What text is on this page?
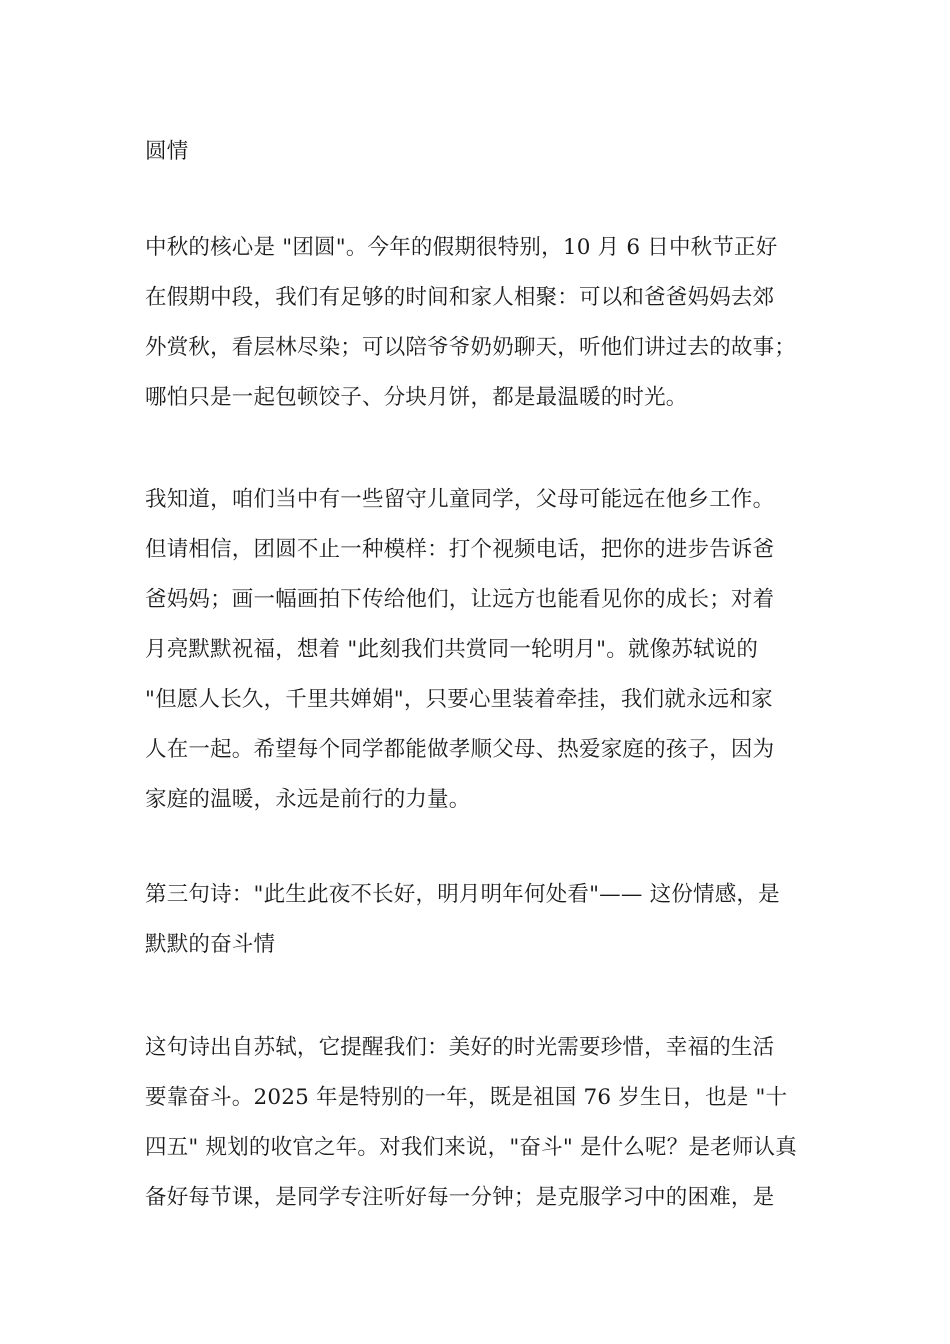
圆情
中秋的核心是 "团圆"。今年的假期很特别，10 月 6 日中秋节正好
在假期中段，我们有足够的时间和家人相聚：可以和爸爸妈妈去郊
外赏秋，看层林尽染；可以陪爷爷奶奶聊天，听他们讲过去的故事；
哪怕只是一起包顿饺子、分块月饼，都是最温暖的时光。
我知道，咱们当中有一些留守儿童同学，父母可能远在他乡工作。
但请相信，团圆不止一种模样：打个视频电话，把你的进步告诉爸
爸妈妈；画一幅画拍下传给他们，让远方也能看见你的成长；对着
月亮默默祝福，想着 "此刻我们共赏同一轮明月"。就像苏轼说的
"但愿人长久，千里共婵娟"，只要心里装着牵挂，我们就永远和家
人在一起。希望每个同学都能做孝顺父母、热爱家庭的孩子，因为
家庭的温暖，永远是前行的力量。
第三句诗："此生此夜不长好，明月明年何处看"—— 这份情感，是
默默的奋斗情
这句诗出自苏轼，它提醒我们：美好的时光需要珍惜，幸福的生活
要靠奋斗。2025 年是特别的一年，既是祖国 76 岁生日，也是 "十
四五" 规划的收官之年。对我们来说，"奋斗" 是什么呢？是老师认真
备好每节课，是同学专注听好每一分钟；是克服学习中的困难，是
